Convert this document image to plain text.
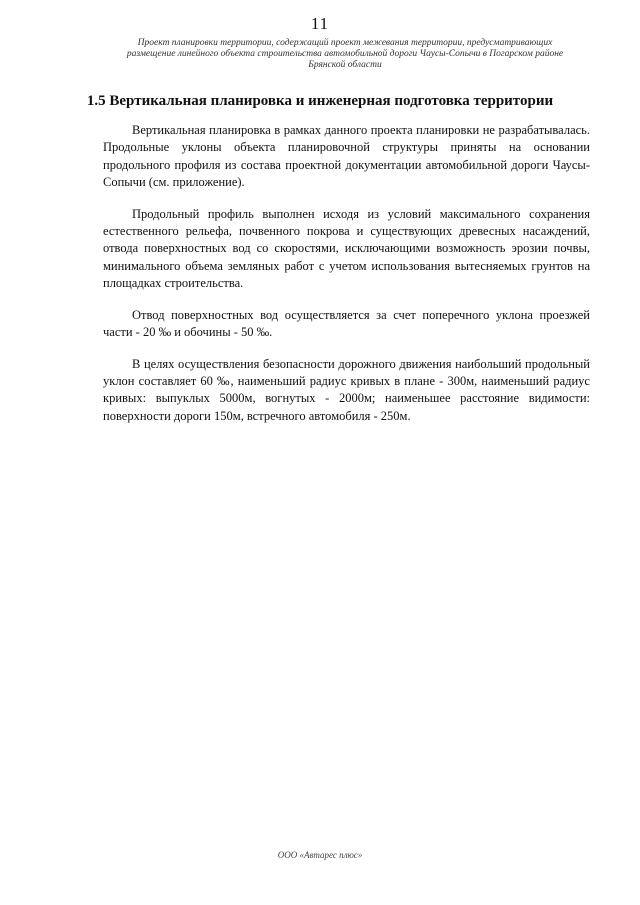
11
Проект планировки территории, содержащий проект межевания территории, предусматривающих
размещение линейного объекта строительства автомобильной дороги Чаусы-Сопычи в Погарском районе
Брянской области
1.5 Вертикальная планировка и инженерная подготовка территории

Вертикальная планировка в рамках данного проекта планировки не разрабатывалась. Продольные уклоны объекта планировочной структуры приняты на основании продольного профиля из состава проектной документации автомобильной дороги Чаусы-Сопычи (см. приложение).

Продольный профиль выполнен исходя из условий максимального сохранения естественного рельефа, почвенного покрова и существующих древесных насаждений, отвода поверхностных вод со скоростями, исключающими возможность эрозии почвы, минимального объема земляных работ с учетом использования вытесняемых грунтов на площадках строительства.

Отвод поверхностных вод осуществляется за счет поперечного уклона проезжей части - 20 ‰ и обочины - 50 ‰.

В целях осуществления безопасности дорожного движения наибольший продольный уклон составляет 60 ‰, наименьший радиус кривых в плане - 300м, наименьший радиус кривых: выпуклых 5000м, вогнутых - 2000м; наименьшее расстояние видимости: поверхности дороги 150м, встречного автомобиля - 250м.

ООО «Автарес плюс»
